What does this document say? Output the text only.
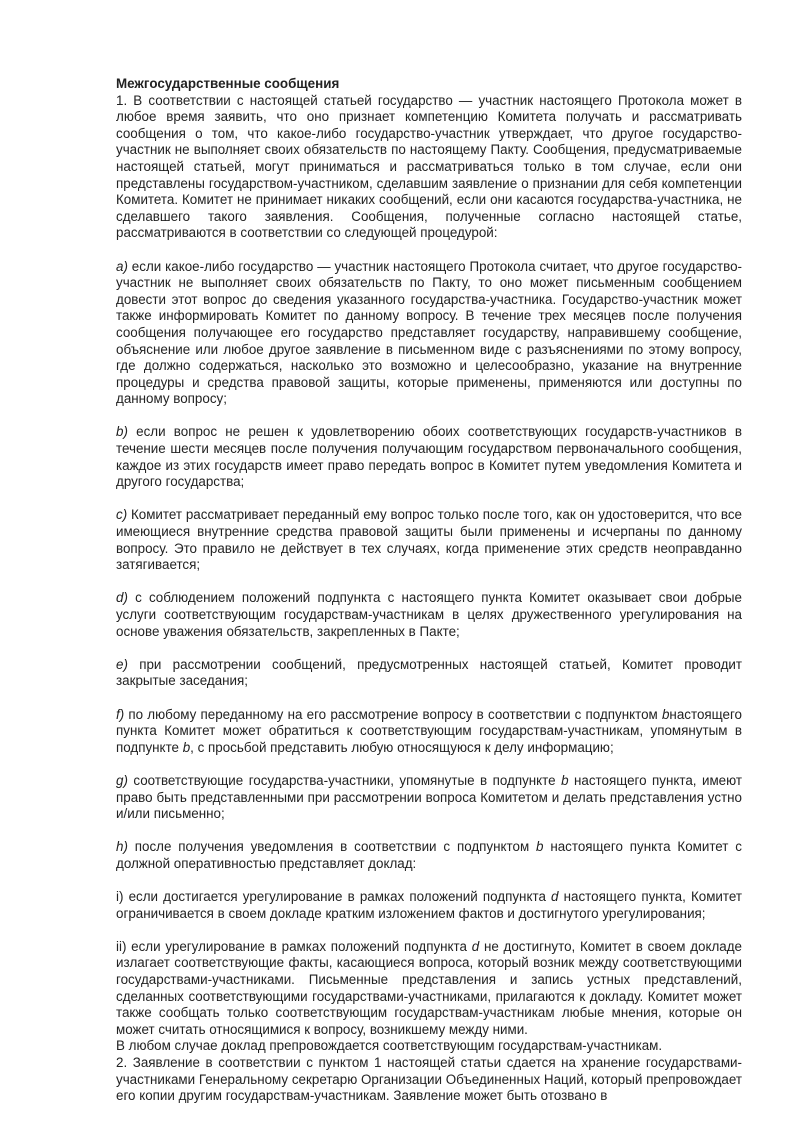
Межгосударственные сообщения

1. В соответствии с настоящей статьей государство — участник настоящего Протокола может в любое время заявить, что оно признает компетенцию Комитета получать и рассматривать сообщения о том, что какое-либо государство-участник утверждает, что другое государство-участник не выполняет своих обязательств по настоящему Пакту. Сообщения, предусматриваемые настоящей статьей, могут приниматься и рассматриваться только в том случае, если они представлены государством-участником, сделавшим заявление о признании для себя компетенции Комитета. Комитет не принимает никаких сообщений, если они касаются государства-участника, не сделавшего такого заявления. Сообщения, полученные согласно настоящей статье, рассматриваются в соответствии со следующей процедурой:

a) если какое-либо государство — участник настоящего Протокола считает, что другое государство-участник не выполняет своих обязательств по Пакту, то оно может письменным сообщением довести этот вопрос до сведения указанного государства-участника. Государство-участник может также информировать Комитет по данному вопросу. В течение трех месяцев после получения сообщения получающее его государство представляет государству, направившему сообщение, объяснение или любое другое заявление в письменном виде с разъяснениями по этому вопросу, где должно содержаться, насколько это возможно и целесообразно, указание на внутренние процедуры и средства правовой защиты, которые применены, применяются или доступны по данному вопросу;

b) если вопрос не решен к удовлетворению обоих соответствующих государств-участников в течение шести месяцев после получения получающим государством первоначального сообщения, каждое из этих государств имеет право передать вопрос в Комитет путем уведомления Комитета и другого государства;

c) Комитет рассматривает переданный ему вопрос только после того, как он удостоверится, что все имеющиеся внутренние средства правовой защиты были применены и исчерпаны по данному вопросу. Это правило не действует в тех случаях, когда применение этих средств неоправданно затягивается;

d) с соблюдением положений подпункта с настоящего пункта Комитет оказывает свои добрые услуги соответствующим государствам-участникам в целях дружественного урегулирования на основе уважения обязательств, закрепленных в Пакте;

e) при рассмотрении сообщений, предусмотренных настоящей статьей, Комитет проводит закрытые заседания;

f) по любому переданному на его рассмотрение вопросу в соответствии с подпунктом bнастоящего пункта Комитет может обратиться к соответствующим государствам-участникам, упомянутым в подпункте b, с просьбой представить любую относящуюся к делу информацию;

g) соответствующие государства-участники, упомянутые в подпункте b настоящего пункта, имеют право быть представленными при рассмотрении вопроса Комитетом и делать представления устно и/или письменно;

h) после получения уведомления в соответствии с подпунктом b настоящего пункта Комитет с должной оперативностью представляет доклад:

i) если достигается урегулирование в рамках положений подпункта d настоящего пункта, Комитет ограничивается в своем докладе кратким изложением фактов и достигнутого урегулирования;

ii) если урегулирование в рамках положений подпункта d не достигнуто, Комитет в своем докладе излагает соответствующие факты, касающиеся вопроса, который возник между соответствующими государствами-участниками. Письменные представления и запись устных представлений, сделанных соответствующими государствами-участниками, прилагаются к докладу. Комитет может также сообщать только соответствующим государствам-участникам любые мнения, которые он может считать относящимися к вопросу, возникшему между ними.

В любом случае доклад препровождается соответствующим государствам-участникам.

2. Заявление в соответствии с пунктом 1 настоящей статьи сдается на хранение государствами-участниками Генеральному секретарю Организации Объединенных Наций, который препровождает его копии другим государствам-участникам. Заявление может быть отозвано в
